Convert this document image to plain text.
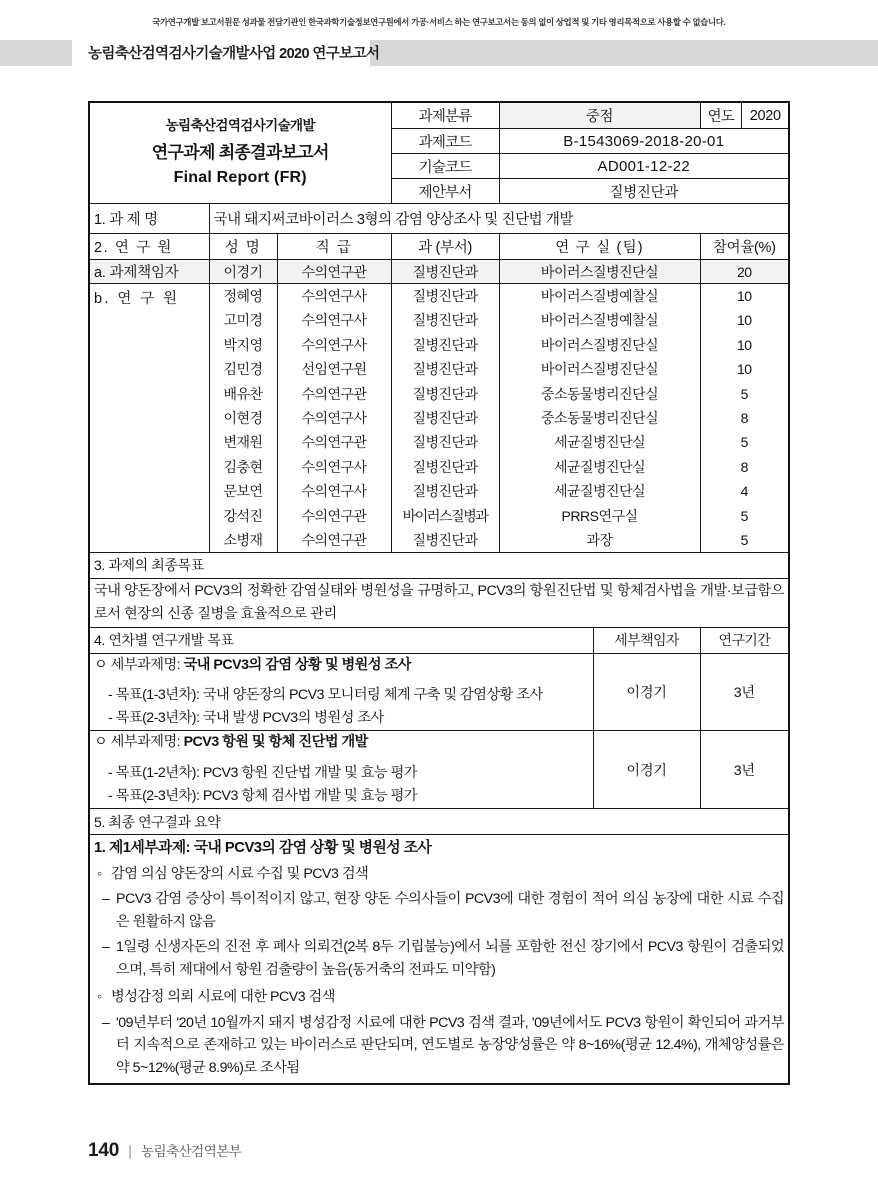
국가연구개발 보고서원문 성과물 전담기관인 한국과학기술정보연구원에서 가공·서비스 하는 연구보고서는 동의 없이 상업적 및 기타 영리목적으로 사용할 수 없습니다.
농림축산검역검사기술개발사업 2020 연구보고서
농림축산검역검사기술개발
연구과제 최종결과보고서
Final Report (FR)
	과제분류	중점		연도	2020

과제코드	B-1543069-2018-20-01
기술코드	AD001-12-22
제안부서	질병진단과
1. 과 제 명	국내 돼지써코바이러스 3형의 감염 양상조사 및 진단법 개발
2. 연 구 원	성 명	직 급	과 (부서)	연 구 실 (팀)	참여율(%)
a. 과제책임자	이경기	수의연구관	질병진단과	바이러스질병진단실	20
b. 연 구 원	정혜영	수의연구사	질병진단과	바이러스질병예찰실	10
고미경	수의연구사	질병진단과	바이러스질병예찰실	10
박지영	수의연구사	질병진단과	바이러스질병진단실	10
김민경	선임연구원	질병진단과	바이러스질병진단실	10
배유찬	수의연구관	질병진단과	중소동물병리진단실	5
이현경	수의연구사	질병진단과	중소동물병리진단실	8
변재원	수의연구관	질병진단과	세균질병진단실	5
김충현	수의연구사	질병진단과	세균질병진단실	8
문보연	수의연구사	질병진단과	세균질병진단실	4
강석진	수의연구관	바이러스질병과	PRRS연구실	5
소병재	수의연구관	질병진단과	과장	5
3. 과제의 최종목표
국내 양돈장에서 PCV3의 정확한 감염실태와 병원성을 규명하고, PCV3의 항원진단법 및 항체검사법을 개발·보급함으로서 현장의 신종 질병을 효율적으로 관리
4. 연차별 연구개발 목표	세부책임자	연구기간

ㅇ 세부과제명: 국내 PCV3의 감염 상황 및 병원성 조사
- 목표(1-3년차): 국내 양돈장의 PCV3 모니터링 체계 구축 및 감염상황 조사
- 목표(2-3년차): 국내 발생 PCV3의 병원성 조사
	이경기	3년

ㅇ 세부과제명: PCV3 항원 및 항체 진단법 개발
- 목표(1-2년차): PCV3 항원 진단법 개발 및 효능 평가
- 목표(2-3년차): PCV3 항체 검사법 개발 및 효능 평가
	이경기	3년
5. 최종 연구결과 요약

1. 제1세부과제: 국내 PCV3의 감염 상황 및 병원성 조사
◦ 감염 의심 양돈장의 시료 수집 및 PCV3 검색
– PCV3 감염 증상이 특이적이지 않고, 현장 양돈 수의사들이 PCV3에 대한 경험이 적어 의심 농장에 대한 시료 수집은 원활하지 않음
– 1일령 신생자돈의 진전 후 폐사 의뢰건(2복 8두 기립불능)에서 뇌를 포함한 전신 장기에서 PCV3 항원이 검출되었으며, 특히 제대에서 항원 검출량이 높음(동거축의 전파도 미약함)
◦ 병성감정 의뢰 시료에 대한 PCV3 검색
– '09년부터 '20년 10월까지 돼지 병성감정 시료에 대한 PCV3 검색 결과, '09년에서도 PCV3 항원이 확인되어 과거부터 지속적으로 존재하고 있는 바이러스로 판단되며, 연도별로 농장양성률은 약 8~16%(평균 12.4%), 개체양성률은 약 5~12%(평균 8.9%)로 조사됨
140 | 농림축산검역본부
